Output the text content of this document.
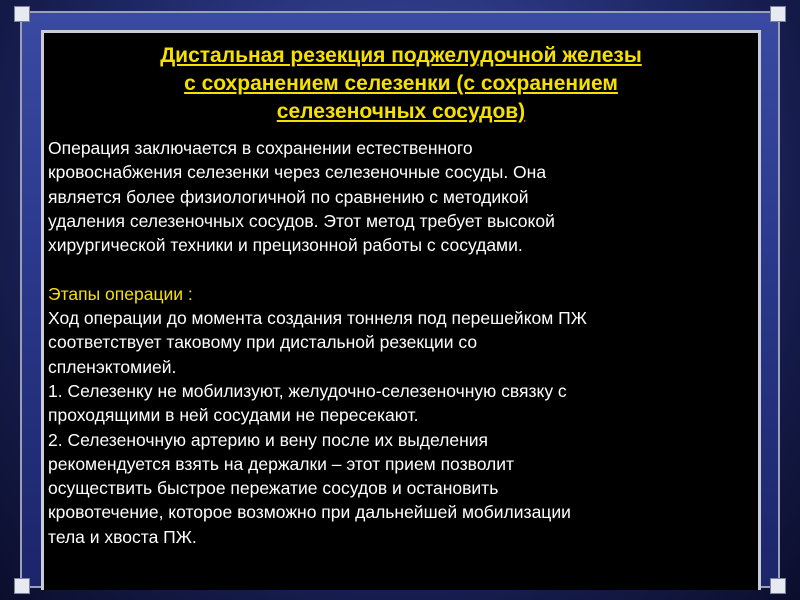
Дистальная резекция поджелудочной железы
с сохранением селезенки (с сохранением
селезеночных сосудов)

Операция заключается в сохранении естественного

кровоснабжения селезенки через селезеночные сосуды. Она

является более физиологичной по сравнению с методикой

удаления селезеночных сосудов. Этот метод требует высокой

хирургической техники и прецизонной работы с сосудами.

Этапы операции :

Ход операции до момента создания тоннеля под перешейком ПЖ

соответствует таковому при дистальной резекции со

спленэктомией.

1. Селезенку не мобилизуют, желудочно-селезеночную связку с

проходящими в ней сосудами не пересекают.

2. Селезеночную артерию и вену после их выделения

рекомендуется взять на держалки – этот прием позволит

осуществить быстрое пережатие сосудов и остановить

кровотечение, которое возможно при дальнейшей мобилизации

тела и хвоста ПЖ.
